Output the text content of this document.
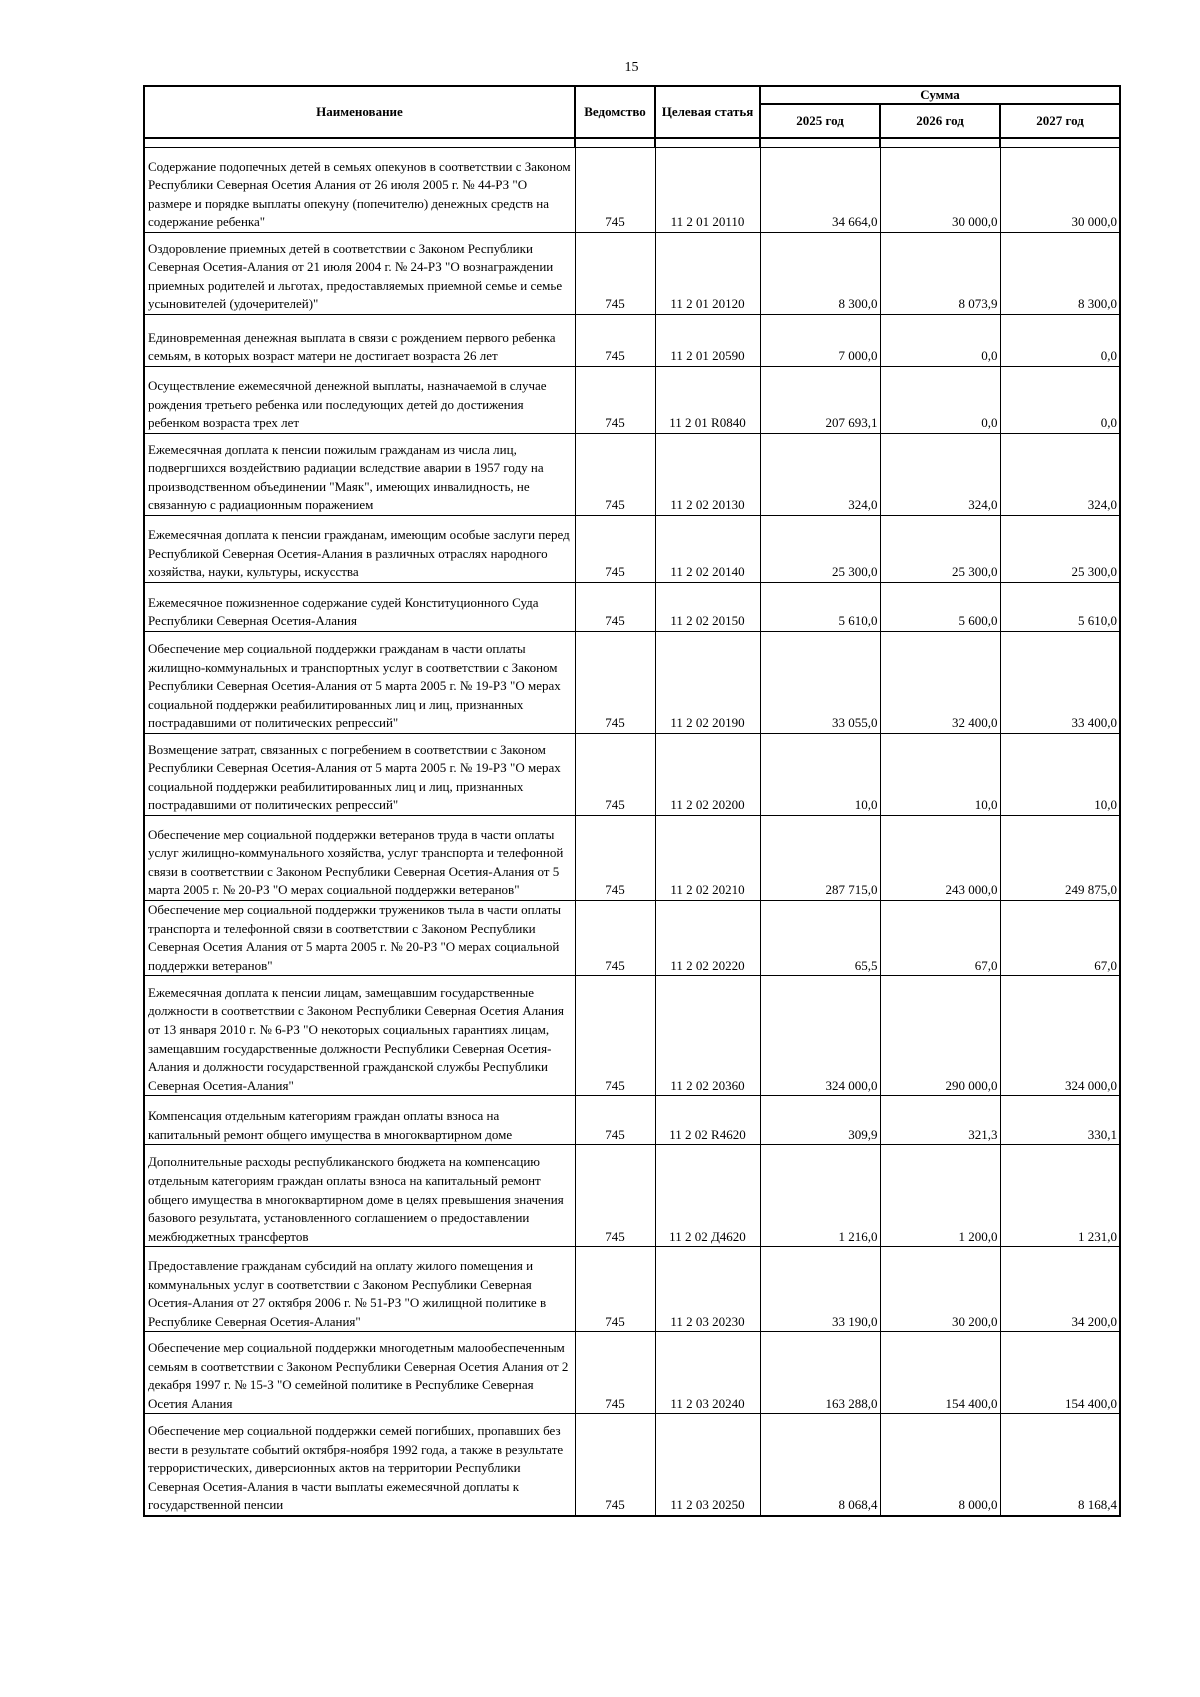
15
Наименование	Ведомство	Целевая статья	Сумма		
			2025 год	2026 год	2027 год

Содержание подопечных детей в семьях опекунов в соответствии с Законом Республики Северная Осетия Алания от 26 июля 2005 г. № 44-РЗ "О размере и порядке выплаты опекуну (попечителю) денежных средств на содержание ребенка"	745	11 2 01 20110	34 664,0	30 000,0	30 000,0
Оздоровление приемных детей в соответствии с Законом Республики Северная Осетия-Алания от 21 июля 2004 г. № 24-РЗ "О вознаграждении приемных родителей и льготах, предоставляемых приемной семье и семье усыновителей (удочерителей)"	745	11 2 01 20120	8 300,0	8 073,9	8 300,0
Единовременная денежная выплата в связи с рождением первого ребенка семьям, в которых возраст матери не достигает возраста 26 лет	745	11 2 01 20590	7 000,0	0,0	0,0
Осуществление ежемесячной денежной выплаты, назначаемой в случае рождения третьего ребенка или последующих детей до достижения ребенком возраста трех лет	745	11 2 01 R0840	207 693,1	0,0	0,0
Ежемесячная доплата к пенсии пожилым гражданам из числа лиц, подвергшихся воздействию радиации вследствие аварии в 1957 году на производственном объединении "Маяк", имеющих инвалидность, не связанную с радиационным поражением	745	11 2 02 20130	324,0	324,0	324,0
Ежемесячная доплата к пенсии гражданам, имеющим особые заслуги перед Республикой Северная Осетия-Алания в различных отраслях народного хозяйства, науки, культуры, искусства	745	11 2 02 20140	25 300,0	25 300,0	25 300,0
Ежемесячное пожизненное содержание судей Конституционного Суда Республики Северная Осетия-Алания	745	11 2 02 20150	5 610,0	5 600,0	5 610,0
Обеспечение мер социальной поддержки гражданам в части оплаты жилищно-коммунальных и транспортных услуг в соответствии с Законом Республики Северная Осетия-Алания от 5 марта 2005 г. № 19-РЗ "О мерах социальной поддержки реабилитированных лиц и лиц, признанных пострадавшими от политических репрессий"	745	11 2 02 20190	33 055,0	32 400,0	33 400,0
Возмещение затрат, связанных с погребением в соответствии с Законом Республики Северная Осетия-Алания от 5 марта 2005 г. № 19-РЗ "О мерах социальной поддержки реабилитированных лиц и лиц, признанных пострадавшими от политических репрессий"	745	11 2 02 20200	10,0	10,0	10,0
Обеспечение мер социальной поддержки ветеранов труда в части оплаты услуг жилищно-коммунального хозяйства, услуг транспорта и телефонной связи в соответствии с Законом Республики Северная Осетия-Алания от 5 марта 2005 г. № 20-РЗ "О мерах социальной поддержки ветеранов"	745	11 2 02 20210	287 715,0	243 000,0	249 875,0
Обеспечение мер социальной поддержки тружеников тыла в части оплаты транспорта и телефонной связи в соответствии с Законом Республики Северная Осетия Алания от 5 марта 2005 г. № 20-РЗ "О мерах социальной поддержки ветеранов"	745	11 2 02 20220	65,5	67,0	67,0
Ежемесячная доплата к пенсии лицам, замещавшим государственные должности в соответствии с Законом Республики Северная Осетия Алания от 13 января 2010 г. № 6-РЗ "О некоторых социальных гарантиях лицам, замещавшим государственные должности Республики Северная Осетия-Алания и должности государственной гражданской службы Республики Северная Осетия-Алания"	745	11 2 02 20360	324 000,0	290 000,0	324 000,0
Компенсация отдельным категориям граждан оплаты взноса на капитальный ремонт общего имущества в многоквартирном доме	745	11 2 02 R4620	309,9	321,3	330,1
Дополнительные расходы республиканского бюджета на компенсацию отдельным категориям граждан оплаты взноса на капитальный ремонт общего имущества в многоквартирном доме в целях превышения значения базового результата, установленного соглашением о предоставлении межбюджетных трансфертов	745	11 2 02 Д4620	1 216,0	1 200,0	1 231,0
Предоставление гражданам субсидий на оплату жилого помещения и коммунальных услуг в соответствии с Законом Республики Северная Осетия-Алания от 27 октября 2006 г. № 51-РЗ "О жилищной политике в Республике Северная Осетия-Алания"	745	11 2 03 20230	33 190,0	30 200,0	34 200,0
Обеспечение мер социальной поддержки многодетным малообеспеченным семьям в соответствии с Законом Республики Северная Осетия Алания от 2 декабря 1997 г. № 15-З "О семейной политике в Республике Северная Осетия Алания	745	11 2 03 20240	163 288,0	154 400,0	154 400,0
Обеспечение мер социальной поддержки семей погибших, пропавших без вести в результате событий октября-ноября 1992 года, а также в результате террористических, диверсионных актов на территории Республики Северная Осетия-Алания в части выплаты ежемесячной доплаты к государственной пенсии	745	11 2 03 20250	8 068,4	8 000,0	8 168,4
